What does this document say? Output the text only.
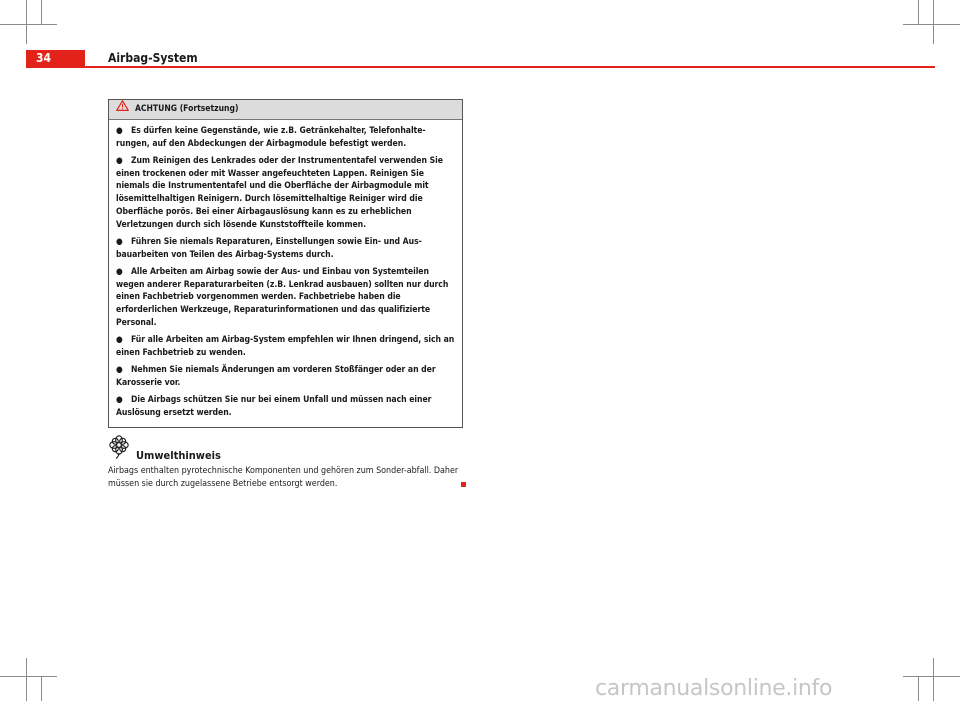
34	Airbag-System
ACHTUNG (Fortsetzung)

● Es dürfen keine Gegenstände, wie z.B. Getränkehalter, Telefonhalte-rungen, auf den Abdeckungen der Airbagmodule befestigt werden.

● Zum Reinigen des Lenkrades oder der Instrumententafel verwenden Sie einen trockenen oder mit Wasser angefeuchteten Lappen. Reinigen Sie niemals die Instrumententafel und die Oberfläche der Airbagmodule mit lösemittelhaltigen Reinigern. Durch lösemittelhaltige Reiniger wird die Oberfläche porös. Bei einer Airbagauslösung kann es zu erheblichen Verletzungen durch sich lösende Kunststoffteile kommen.

● Führen Sie niemals Reparaturen, Einstellungen sowie Ein- und Aus-bauarbeiten von Teilen des Airbag-Systems durch.

● Alle Arbeiten am Airbag sowie der Aus- und Einbau von Systemteilen wegen anderer Reparaturarbeiten (z.B. Lenkrad ausbauen) sollten nur durch einen Fachbetrieb vorgenommen werden. Fachbetriebe haben die erforderlichen Werkzeuge, Reparaturinformationen und das qualifizierte Personal.

● Für alle Arbeiten am Airbag-System empfehlen wir Ihnen dringend, sich an einen Fachbetrieb zu wenden.

● Nehmen Sie niemals Änderungen am vorderen Stoßfänger oder an der Karosserie vor.

● Die Airbags schützen Sie nur bei einem Unfall und müssen nach einer Auslösung ersetzt werden.

Umwelthinweis
Airbags enthalten pyrotechnische Komponenten und gehören zum Sonder-abfall. Daher müssen sie durch zugelassene Betriebe entsorgt werden.
carmanualsonline.info
